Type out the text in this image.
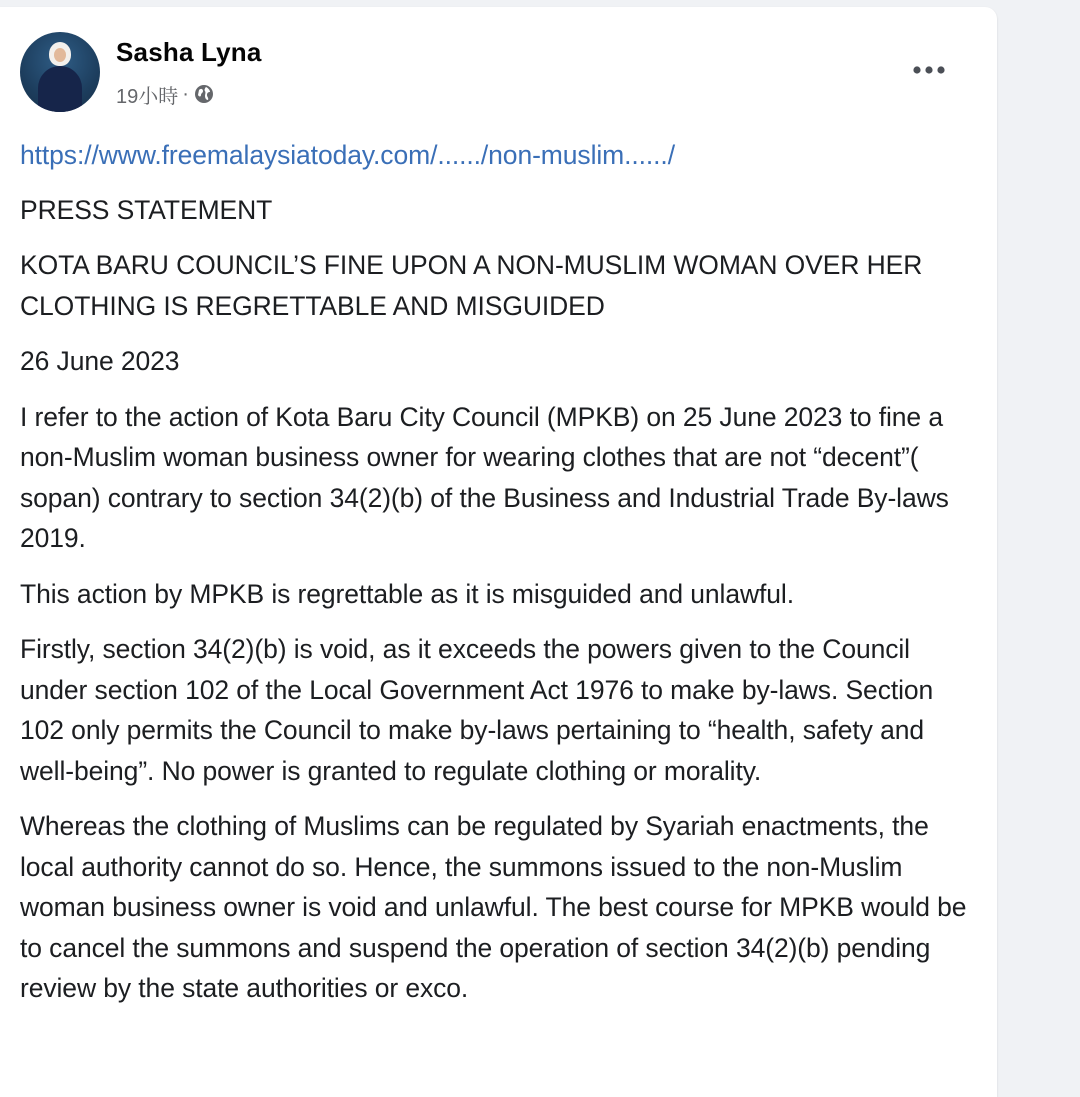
Sasha Lyna
19小時 ·

https://www.freemalaysiatoday.com/....../non-muslim....../

PRESS STATEMENT

KOTA BARU COUNCIL’S FINE UPON A NON-MUSLIM WOMAN OVER HER CLOTHING IS REGRETTABLE AND MISGUIDED

26 June 2023

I refer to the action of Kota Baru City Council (MPKB) on 25 June 2023 to fine a non-Muslim woman business owner for wearing clothes that are not “decent”( sopan) contrary to section 34(2)(b) of the Business and Industrial Trade By-laws 2019.

This action by MPKB is regrettable as it is misguided and unlawful.

Firstly, section 34(2)(b) is void, as it exceeds the powers given to the Council under section 102 of the Local Government Act 1976 to make by-laws. Section 102 only permits the Council to make by-laws pertaining to “health, safety and well-being”. No power is granted to regulate clothing or morality.

Whereas the clothing of Muslims can be regulated by Syariah enactments, the local authority cannot do so. Hence, the summons issued to the non-Muslim woman business owner is void and unlawful. The best course for MPKB would be to cancel the summons and suspend the operation of section 34(2)(b) pending review by the state authorities or exco.
